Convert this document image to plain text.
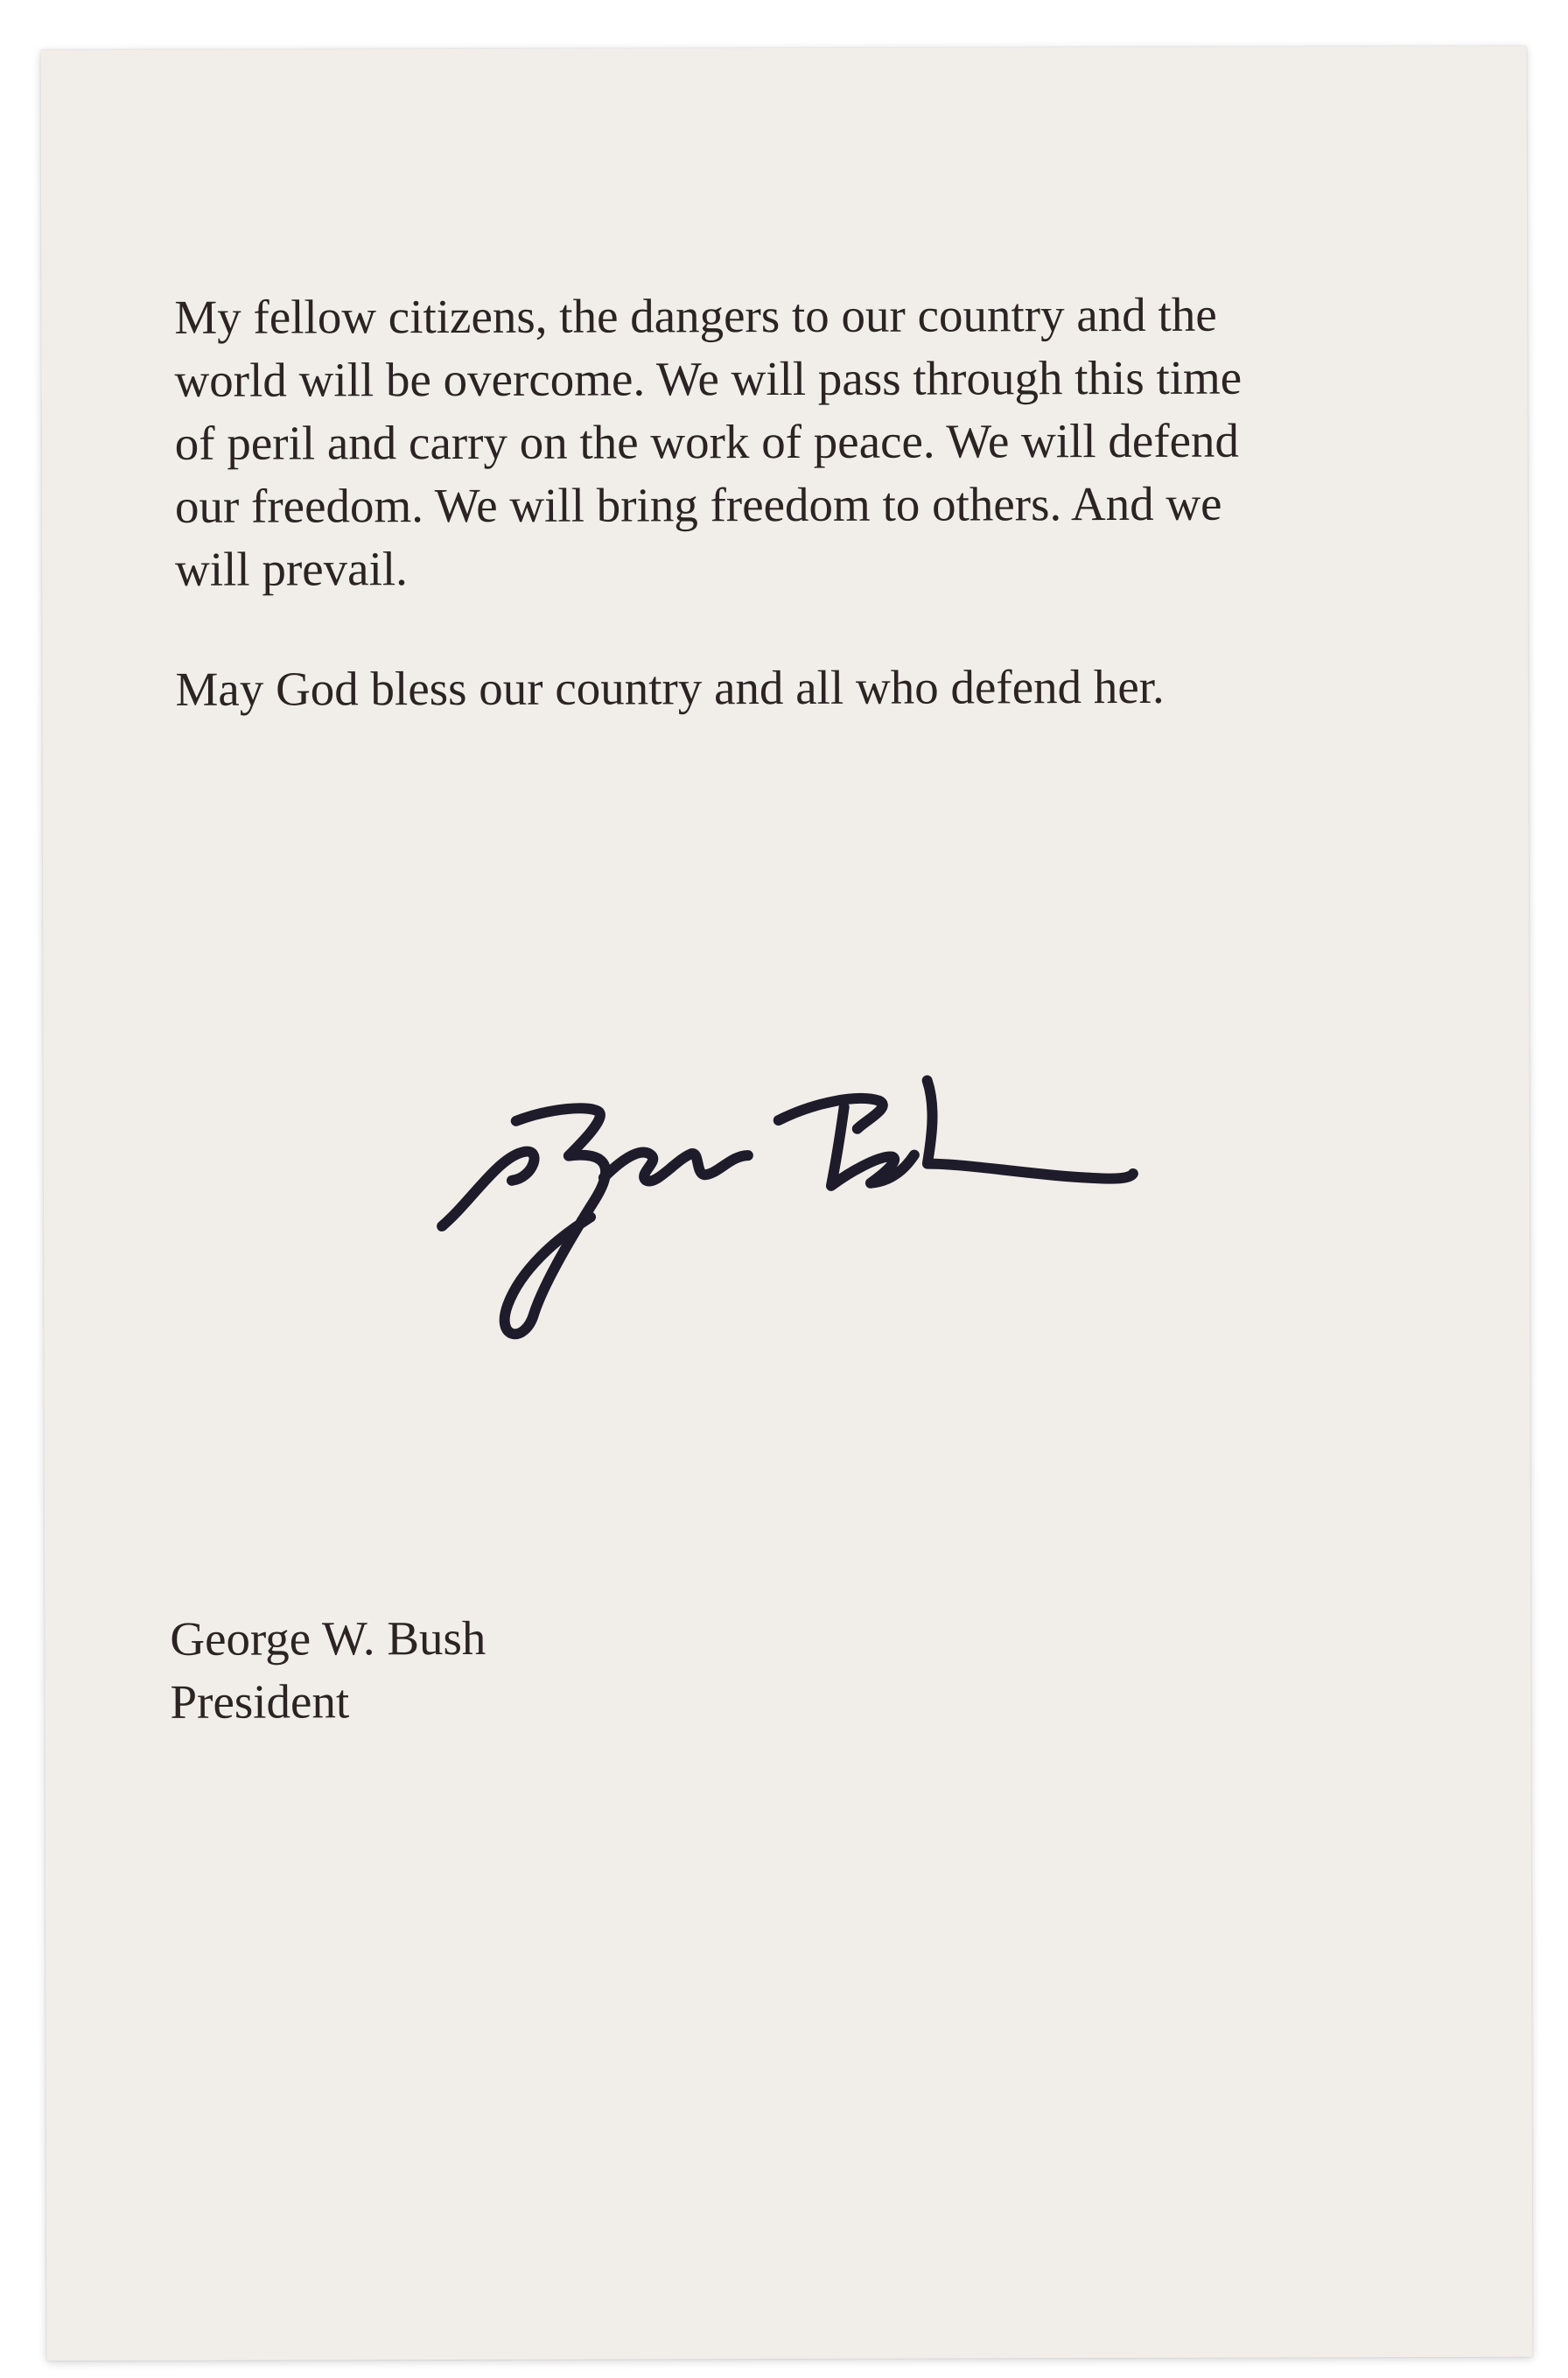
My fellow citizens, the dangers to our country and the

world will be overcome. We will pass through this time

of peril and carry on the work of peace. We will defend

our freedom. We will bring freedom to others. And we

will prevail.

May God bless our country and all who defend her.

George W. Bush
President
